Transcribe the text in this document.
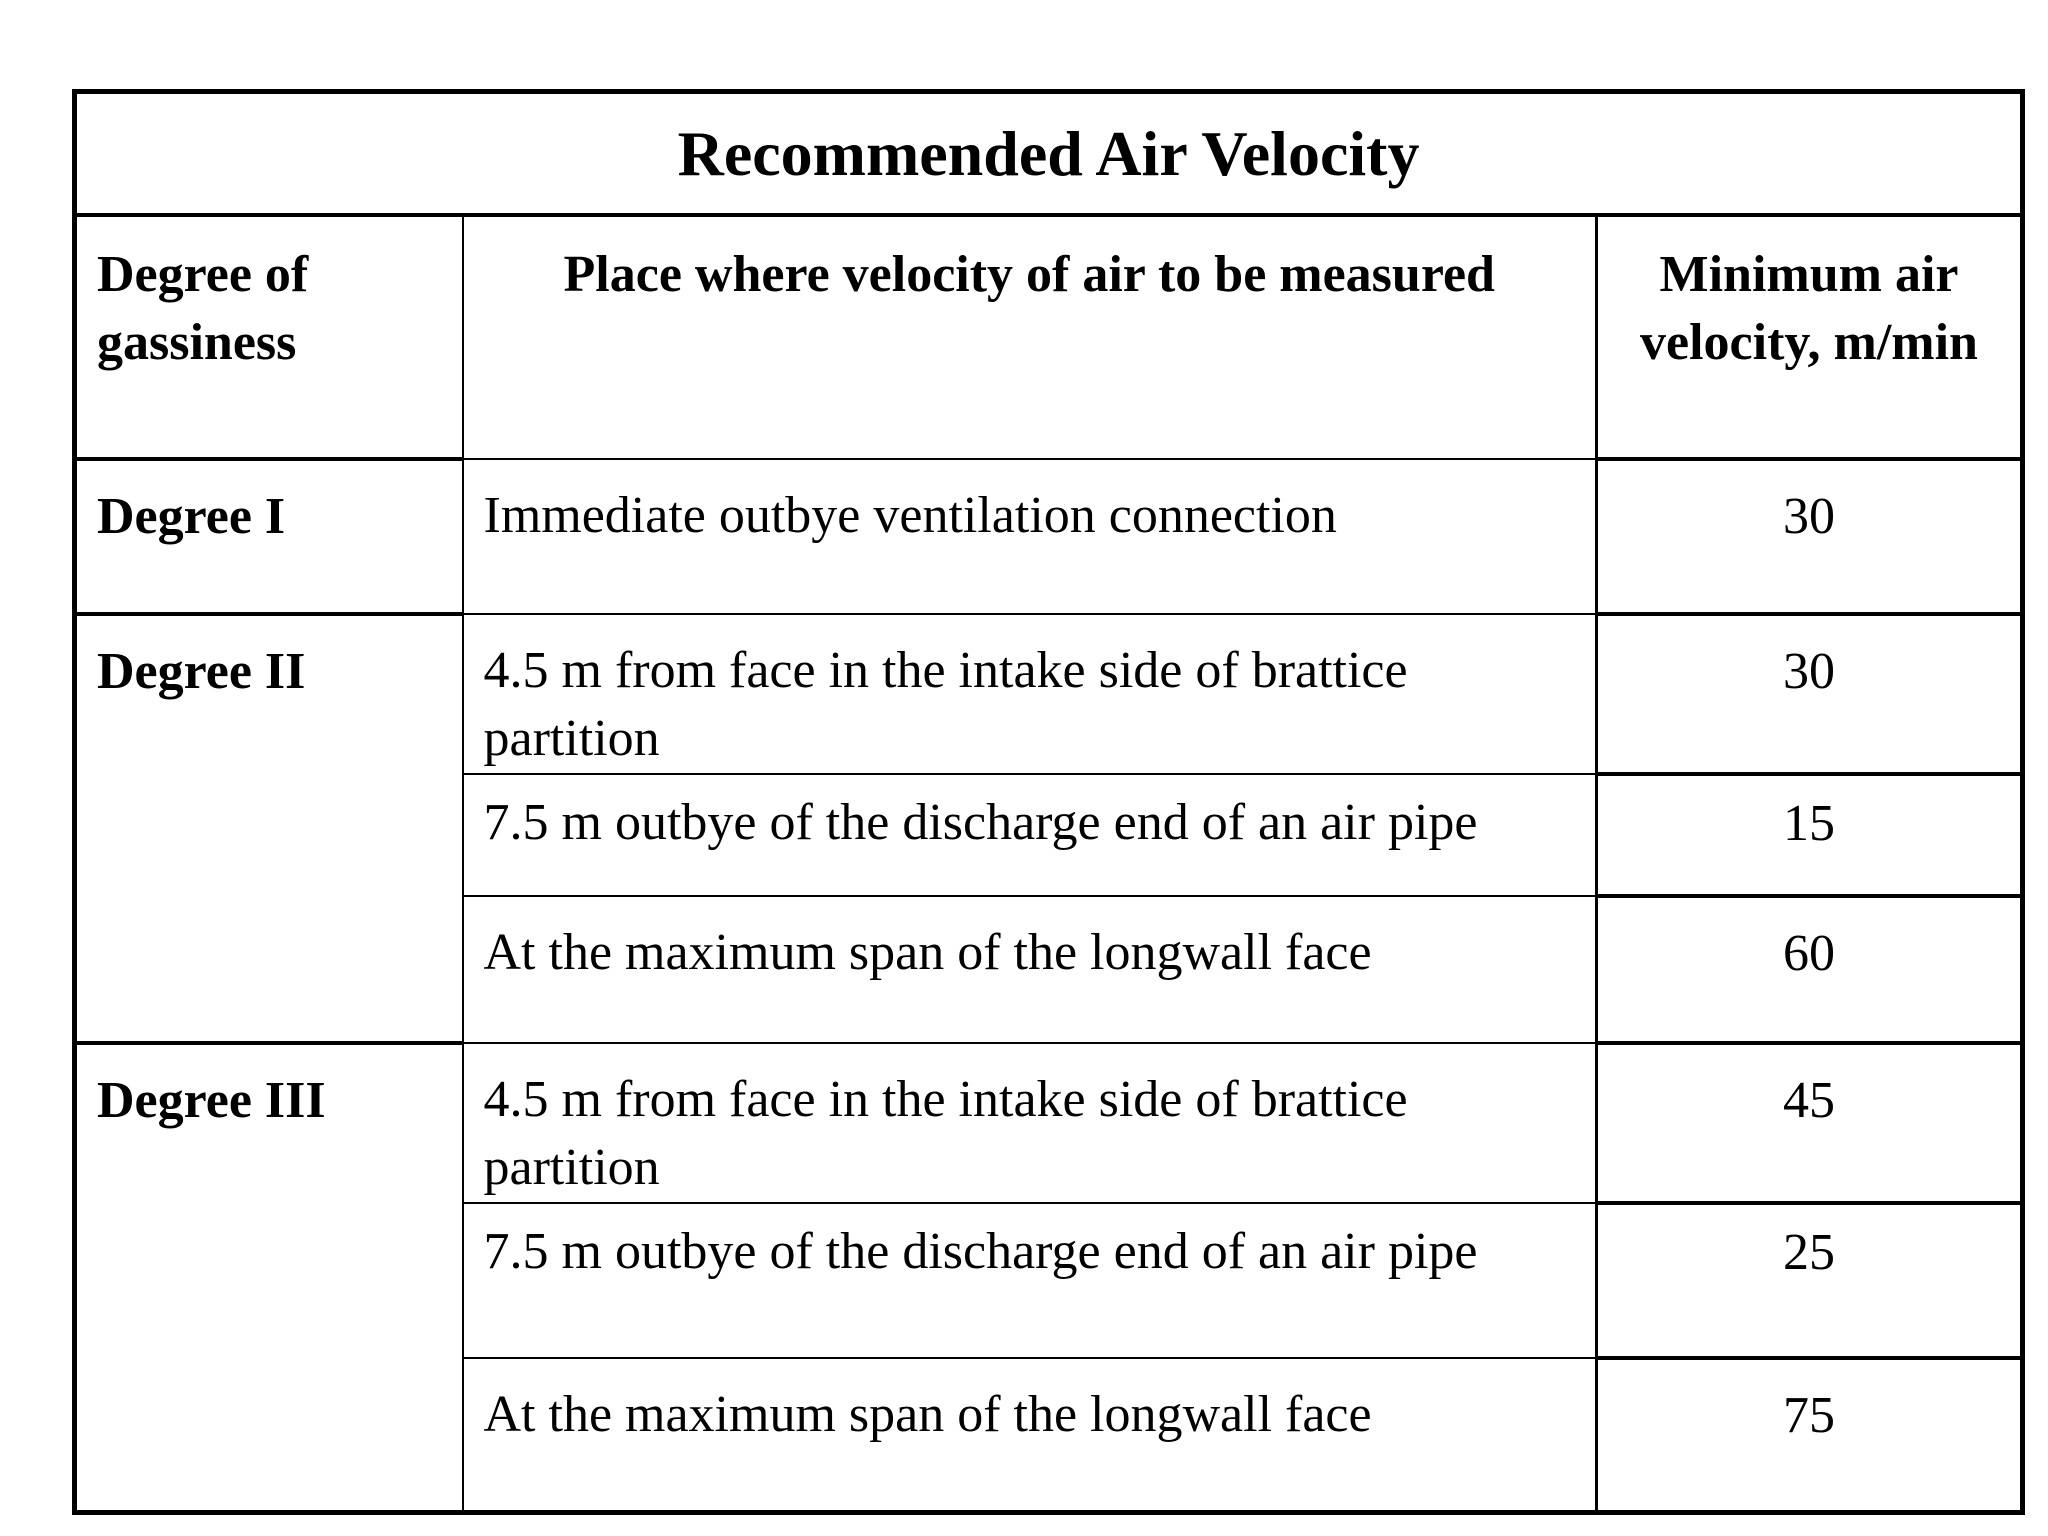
Recommended Air Velocity		
Degree of gassiness	Place where velocity of air to be measured	Minimum air velocity, m/min
Degree I	Immediate outbye ventilation connection	30
Degree II	4.5 m from face in the intake side of brattice partition	30
	7.5 m outbye of the discharge end of an air pipe	15
	At the maximum span of the longwall face	60
Degree III	4.5 m from face in the intake side of brattice partition	45
	7.5 m outbye of the discharge end of an air pipe	25
	At the maximum span of the longwall face	75
